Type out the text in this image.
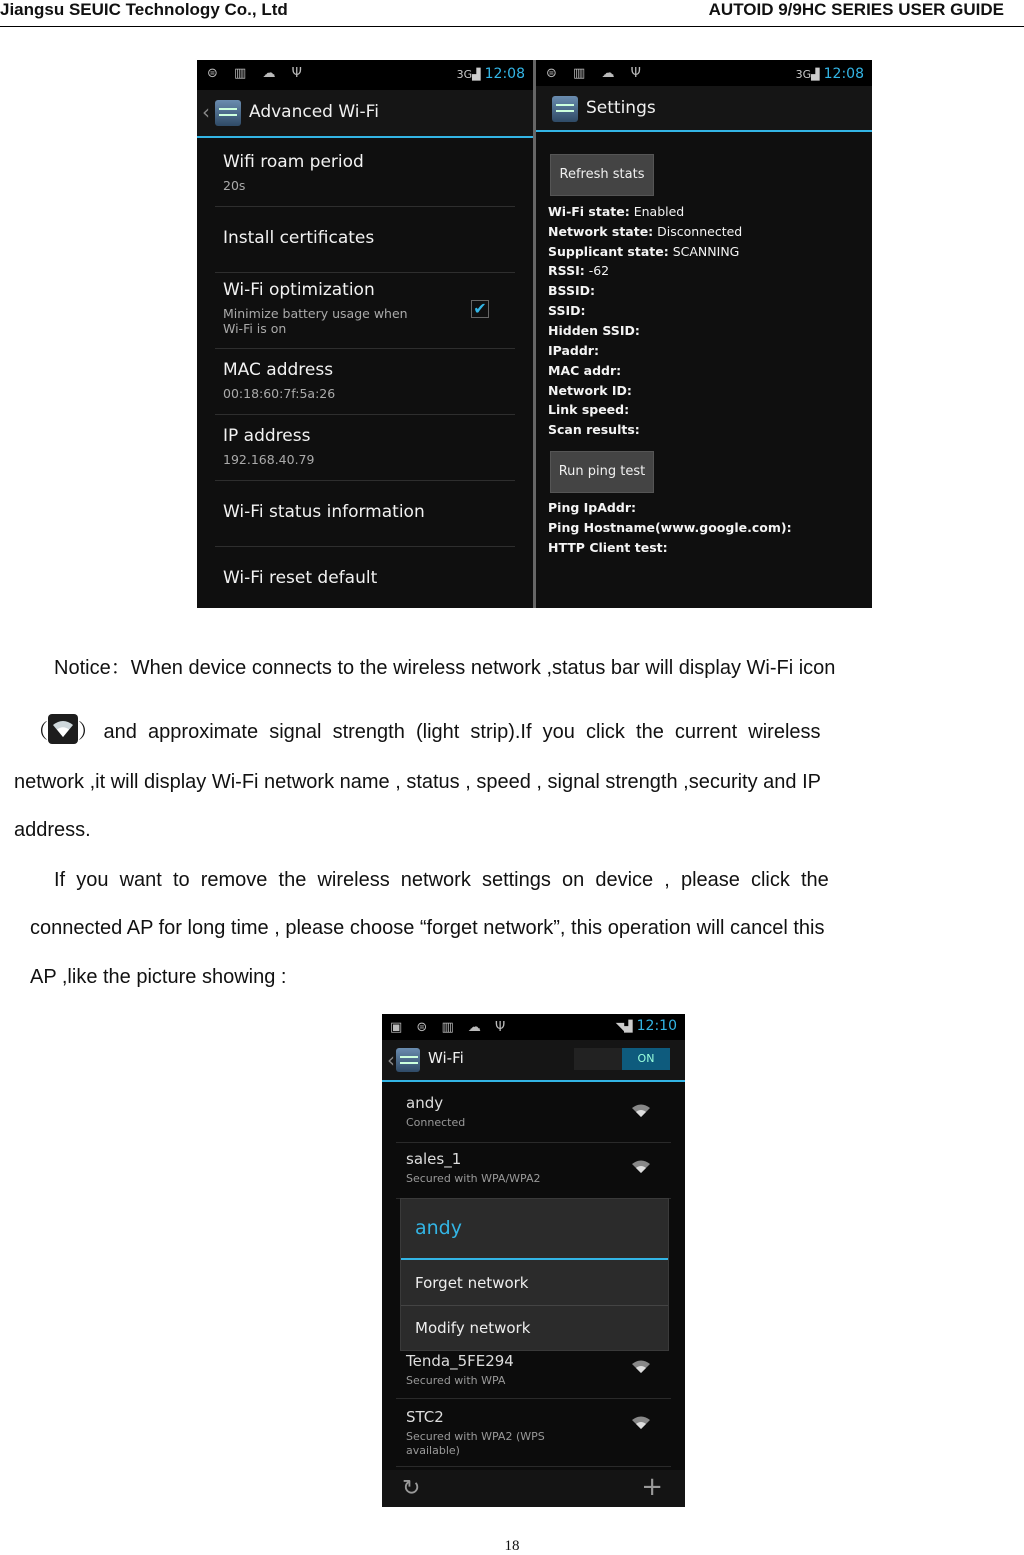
Jiangsu SEUIC Technology Co., Ltd	AUTOID 9/9HC SERIES USER GUIDE
⊜ ▥ ☁ Ψ	3G▟ 12:08
‹ Advanced Wi-Fi
Wifi roam period
20s
Install certificates
Wi-Fi optimization
Minimize battery usage when
Wi-Fi is on
✔
MAC address
00:18:60:7f:5a:26
IP address
192.168.40.79
Wi-Fi status information
Wi-Fi reset default
⊜ ▥ ☁ Ψ	3G▟ 12:08
Settings
Refresh stats
Wi-Fi state: Enabled
Network state: Disconnected
Supplicant state: SCANNING
RSSI: -62
BSSID:
SSID:
Hidden SSID:
IPaddr:
MAC addr:
Network ID:
Link speed:
Scan results:
Run ping test
Ping IpAddr:
Ping Hostname(www.google.com):
HTTP Client test:
Notice：When device connects to the wireless network ,status bar will display Wi-Fi icon
（ ） and  approximate  signal  strength  (light  strip).If  you  click  the  current  wireless
network ,it will display Wi-Fi network name , status , speed , signal strength ,security and IP
address.
If  you  want  to  remove  the  wireless  network  settings  on  device  ,  please  click  the
connected AP for long time , please choose “forget network”, this operation will cancel this
AP ,like the picture showing :
▣ ⊜ ▥ ☁ Ψ	◥▟ 12:10
‹ Wi-Fi	ON
andy
Connected
sales_1
Secured with WPA/WPA2
Tenda_5FE294
Secured with WPA
STC2
Secured with WPA2 (WPS
available)
↻	+
andy
Forget network
Modify network
18
